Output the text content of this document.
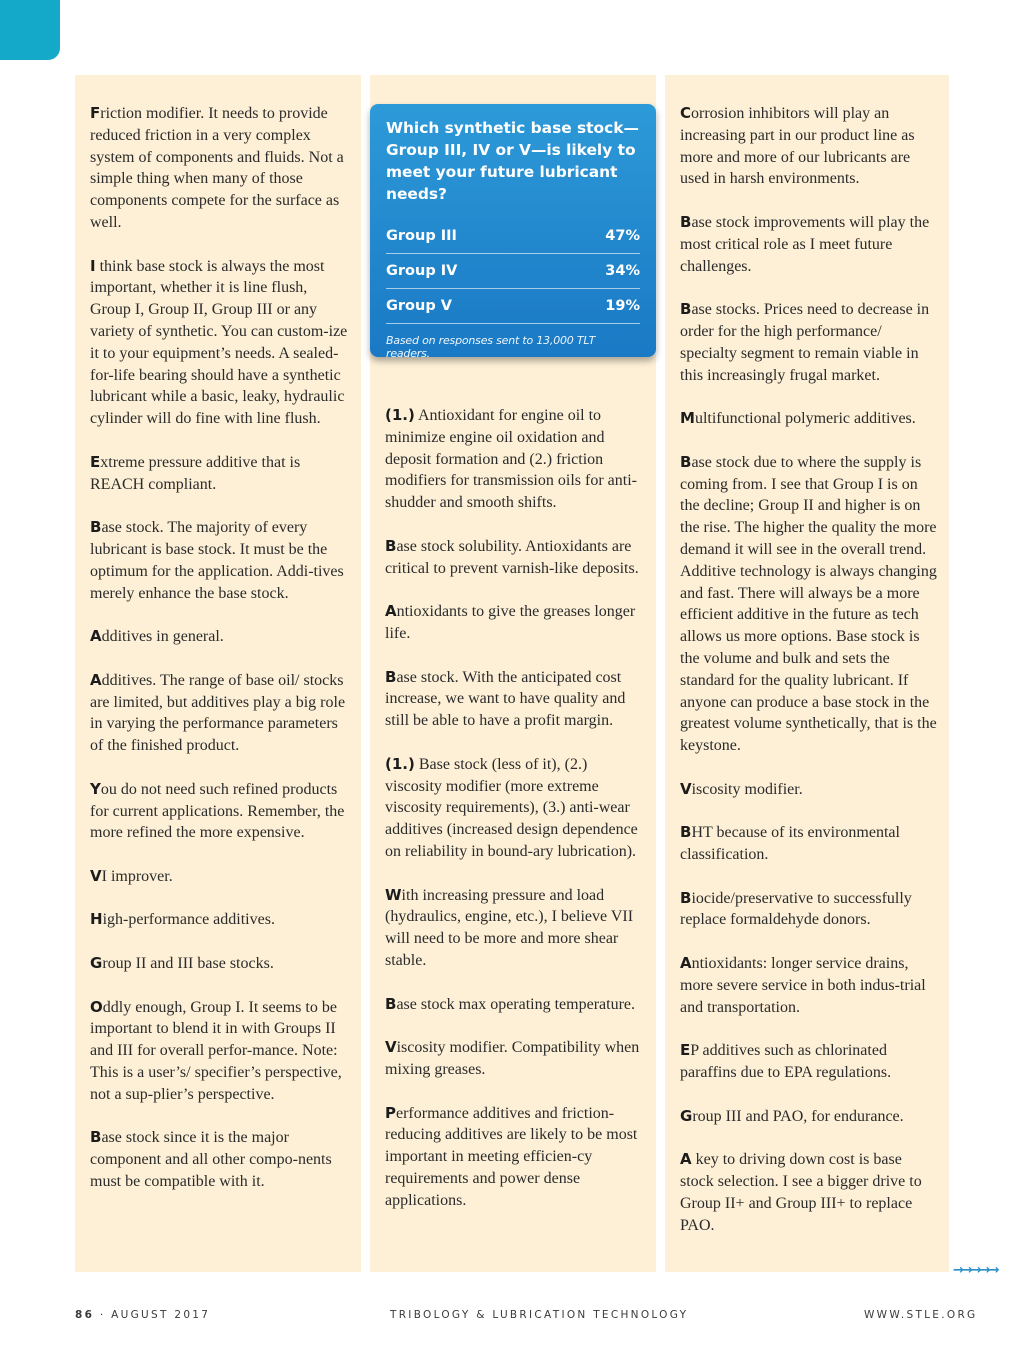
Friction modifier. It needs to provide reduced friction in a very complex system of components and fluids. Not a simple thing when many of those components compete for the surface as well.

I think base stock is always the most important, whether it is line flush, Group I, Group II, Group III or any variety of synthetic. You can custom-ize it to your equipment’s needs. A sealed-for-life bearing should have a synthetic lubricant while a basic, leaky, hydraulic cylinder will do fine with line flush.

Extreme pressure additive that is REACH compliant.

Base stock. The majority of every lubricant is base stock. It must be the optimum for the application. Addi-tives merely enhance the base stock.

Additives in general.

Additives. The range of base oil/ stocks are limited, but additives play a big role in varying the performance parameters of the finished product.

You do not need such refined products for current applications. Remember, the more refined the more expensive.

VI improver.

High-performance additives.

Group II and III base stocks.

Oddly enough, Group I. It seems to be important to blend it in with Groups II and III for overall perfor-mance. Note: This is a user’s/ specifier’s perspective, not a sup-plier’s perspective.

Base stock since it is the major component and all other compo-nents must be compatible with it.

Which synthetic base stock—Group III, IV or V—is likely to meet your future lubricant needs?
Group III	47%
Group IV	34%
Group V	19%
Based on responses sent to 13,000 TLT readers.

(1.) Antioxidant for engine oil to minimize engine oil oxidation and deposit formation and (2.) friction modifiers for transmission oils for anti-shudder and smooth shifts.

Base stock solubility. Antioxidants are critical to prevent varnish-like deposits.

Antioxidants to give the greases longer life.

Base stock. With the anticipated cost increase, we want to have quality and still be able to have a profit margin.

(1.) Base stock (less of it), (2.) viscosity modifier (more extreme viscosity requirements), (3.) anti-wear additives (increased design dependence on reliability in bound-ary lubrication).

With increasing pressure and load (hydraulics, engine, etc.), I believe VII will need to be more and more shear stable.

Base stock max operating temperature.

Viscosity modifier. Compatibility when mixing greases.

Performance additives and friction-reducing additives are likely to be most important in meeting efficien-cy requirements and power dense applications.

Corrosion inhibitors will play an increasing part in our product line as more and more of our lubricants are used in harsh environments.

Base stock improvements will play the most critical role as I meet future challenges.

Base stocks. Prices need to decrease in order for the high performance/ specialty segment to remain viable in this increasingly frugal market.

Multifunctional polymeric additives.

Base stock due to where the supply is coming from. I see that Group I is on the decline; Group II and higher is on the rise. The higher the quality the more demand it will see in the overall trend. Additive technology is always changing and fast. There will always be a more efficient additive in the future as tech allows us more options. Base stock is the volume and bulk and sets the standard for the quality lubricant. If anyone can produce a base stock in the greatest volume synthetically, that is the keystone.

Viscosity modifier.

BHT because of its environmental classification.

Biocide/preservative to successfully replace formaldehyde donors.

Antioxidants: longer service drains, more severe service in both indus-trial and transportation.

EP additives such as chlorinated paraffins due to EPA regulations.

Group III and PAO, for endurance.

A key to driving down cost is base stock selection. I see a bigger drive to Group II+ and Group III+ to replace PAO.

→→→→→
86 · AUGUST 2017	TRIBOLOGY & LUBRICATION TECHNOLOGY	WWW.STLE.ORG
